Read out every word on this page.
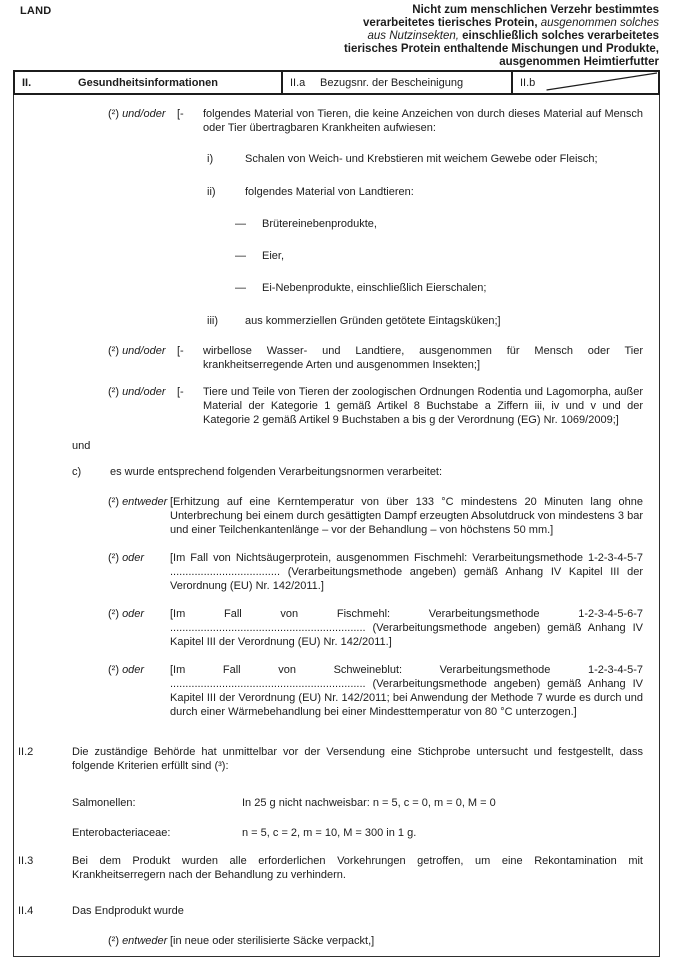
LAND	Nicht zum menschlichen Verzehr bestimmtes
verarbeitetes tierisches Protein, ausgenommen solches
aus Nutzinsekten, einschließlich solches verarbeitetes
tierisches Protein enthaltende Mischungen und Produkte,
ausgenommen Heimtierfutter
II.	Gesundheitsinformationen	II.a Bezugsnr. der Bescheinigung	II.b
(²) und/oder	[-	folgendes Material von Tieren, die keine Anzeichen von durch dieses Material auf Mensch oder Tier übertragbaren Krankheiten aufwiesen:
i)	Schalen von Weich- und Krebstieren mit weichem Gewebe oder Fleisch;
ii)	folgendes Material von Landtieren:
—	Brütereinebenprodukte,
—	Eier,
—	Ei-Nebenprodukte, einschließlich Eierschalen;
iii)	aus kommerziellen Gründen getötete Eintagsküken;]
(²) und/oder	[-	wirbellose Wasser- und Landtiere, ausgenommen für Mensch oder Tier krankheitserregende Arten und ausgenommen Insekten;]
(²) und/oder	[-	Tiere und Teile von Tieren der zoologischen Ordnungen Rodentia und Lagomorpha, außer Material der Kategorie 1 gemäß Artikel 8 Buchstabe a Ziffern iii, iv und v und der Kategorie 2 gemäß Artikel 9 Buchstaben a bis g der Verordnung (EG) Nr. 1069/2009;]
und
c)	es wurde entsprechend folgenden Verarbeitungsnormen verarbeitet:
(²) entweder [Erhitzung auf eine Kerntemperatur von über 133 °C mindestens 20 Minuten lang ohne Unterbrechung bei einem durch gesättigten Dampf erzeugten Absolutdruck von mindestens 3 bar und einer Teilchenkantenlänge – vor der Behandlung – von höchstens 50 mm.]
(²) oder	[Im Fall von Nichtsäugerprotein, ausgenommen Fischmehl: Verarbeitungsmethode 1-2-3-4-5-7 .................................... (Verarbeitungsmethode angeben) gemäß Anhang IV Kapitel III der Verordnung (EU) Nr. 142/2011.]
(²) oder	[Im Fall von Fischmehl: Verarbeitungsmethode 1-2-3-4-5-6-7 ................................................................ (Verarbeitungsmethode angeben) gemäß Anhang IV Kapitel III der Verordnung (EU) Nr. 142/2011.]
(²) oder	[Im Fall von Schweineblut: Verarbeitungsmethode 1-2-3-4-5-7 ................................................................ (Verarbeitungsmethode angeben) gemäß Anhang IV Kapitel III der Verordnung (EU) Nr. 142/2011; bei Anwendung der Methode 7 wurde es durch und durch einer Wärmebehandlung bei einer Mindesttemperatur von 80 °C unterzogen.]
II.2	Die zuständige Behörde hat unmittelbar vor der Versendung eine Stichprobe untersucht und festgestellt, dass folgende Kriterien erfüllt sind (³):
Salmonellen:	In 25 g nicht nachweisbar: n = 5, c = 0, m = 0, M = 0
Enterobacteriaceae:	n = 5, c = 2, m = 10, M = 300 in 1 g.
II.3	Bei dem Produkt wurden alle erforderlichen Vorkehrungen getroffen, um eine Rekontamination mit Krankheitserregern nach der Behandlung zu verhindern.
II.4	Das Endprodukt wurde
(²) entweder [in neue oder sterilisierte Säcke verpackt,]
